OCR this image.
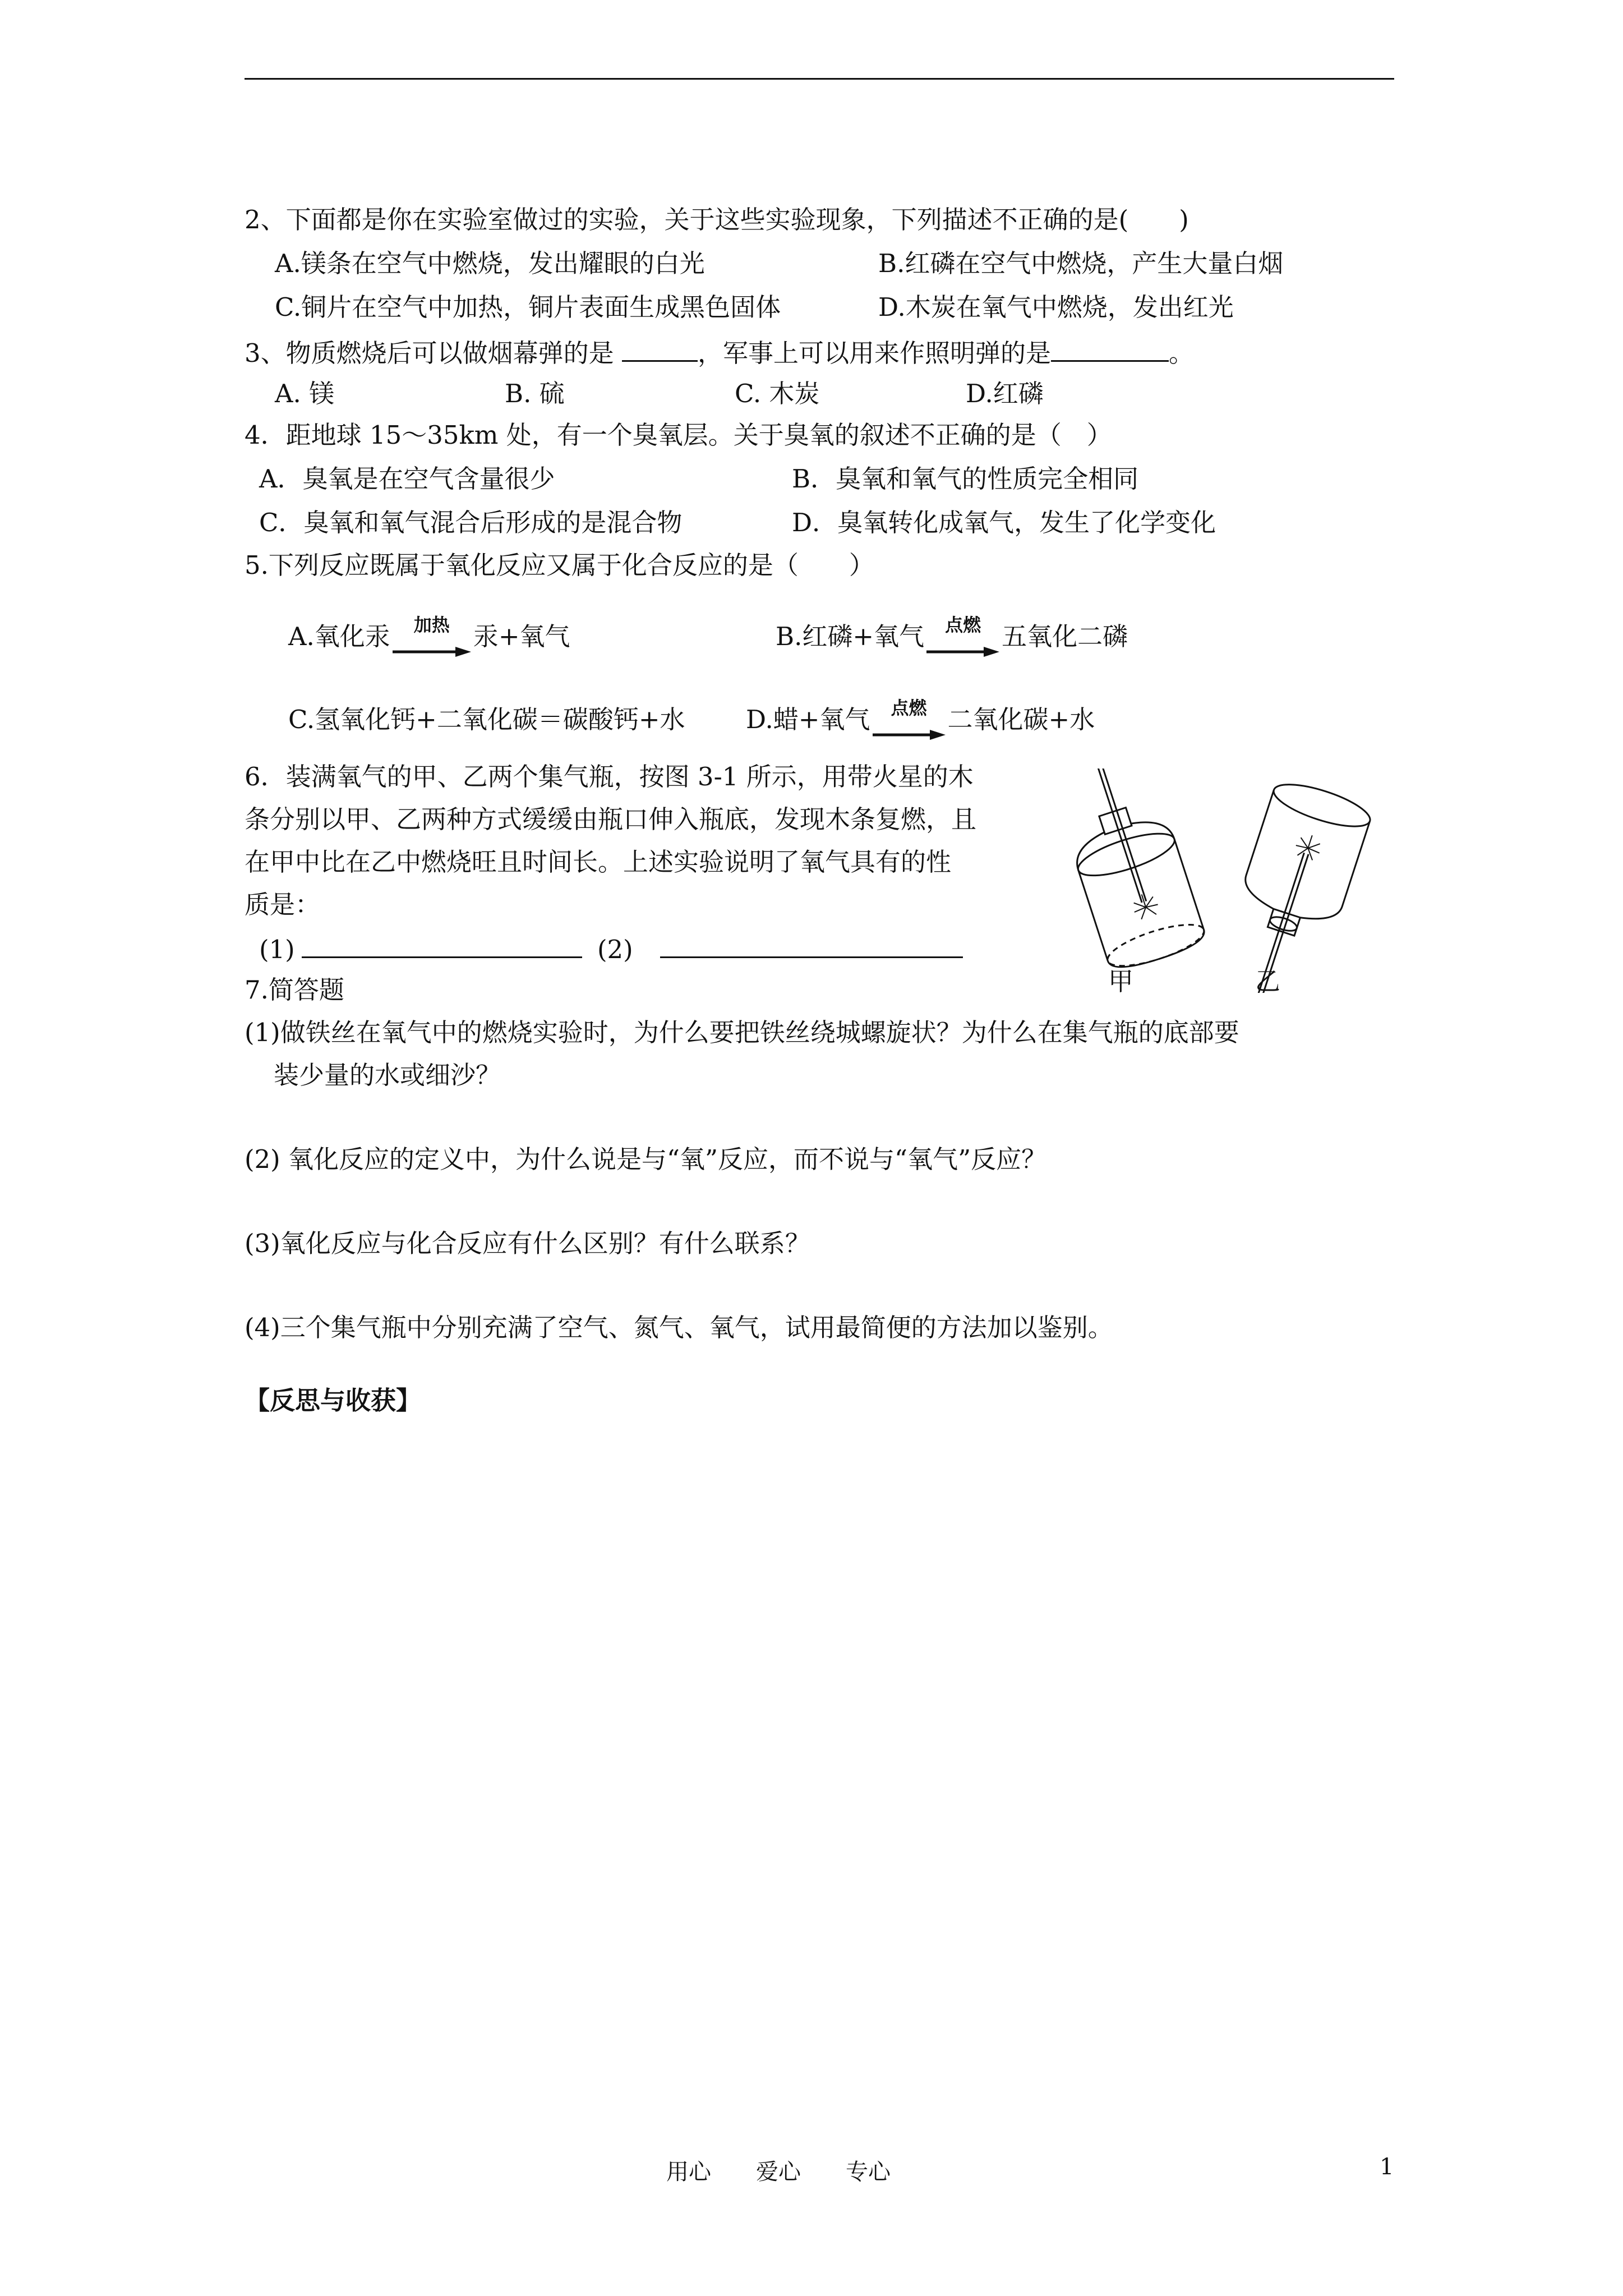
2、下面都是你在实验室做过的实验，关于这些实验现象，下列描述不正确的是(　　)
A.镁条在空气中燃烧，发出耀眼的白光	B.红磷在空气中燃烧，产生大量白烟
C.铜片在空气中加热，铜片表面生成黑色固体	D.木炭在氧气中燃烧，发出红光
3、物质燃烧后可以做烟幕弹的是	，军事上可以用来作照明弹的是	。
A. 镁	B. 硫	C. 木炭	D.红磷
4．距地球 15～35km 处，有一个臭氧层。关于臭氧的叙述不正确的是（　）
A．臭氧是在空气含量很少	B．臭氧和氧气的性质完全相同
C．臭氧和氧气混合后形成的是混合物	D．臭氧转化成氧气，发生了化学变化
5.下列反应既属于氧化反应又属于化合反应的是（　　）
A.氧化汞	加热 汞+氧气	B.红磷+氧气	点燃 五氧化二磷
C.氢氧化钙+二氧化碳＝碳酸钙+水 D.蜡+氧气	点燃 二氧化碳+水
6．装满氧气的甲、乙两个集气瓶，按图 3-1 所示，用带火星的木
条分别以甲、乙两种方式缓缓由瓶口伸入瓶底，发现木条复燃，且
在甲中比在乙中燃烧旺且时间长。上述实验说明了氧气具有的性
质是：
(1)	(2)
甲	乙
7.简答题
(1)做铁丝在氧气中的燃烧实验时，为什么要把铁丝绕城螺旋状？为什么在集气瓶的底部要
装少量的水或细沙？
(2) 氧化反应的定义中，为什么说是与“氧”反应，而不说与“氧气”反应？
(3)氧化反应与化合反应有什么区别？有什么联系？
(4)三个集气瓶中分别充满了空气、氮气、氧气，试用最简便的方法加以鉴别。
【反思与收获】
用心　　爱心　　专心	1
